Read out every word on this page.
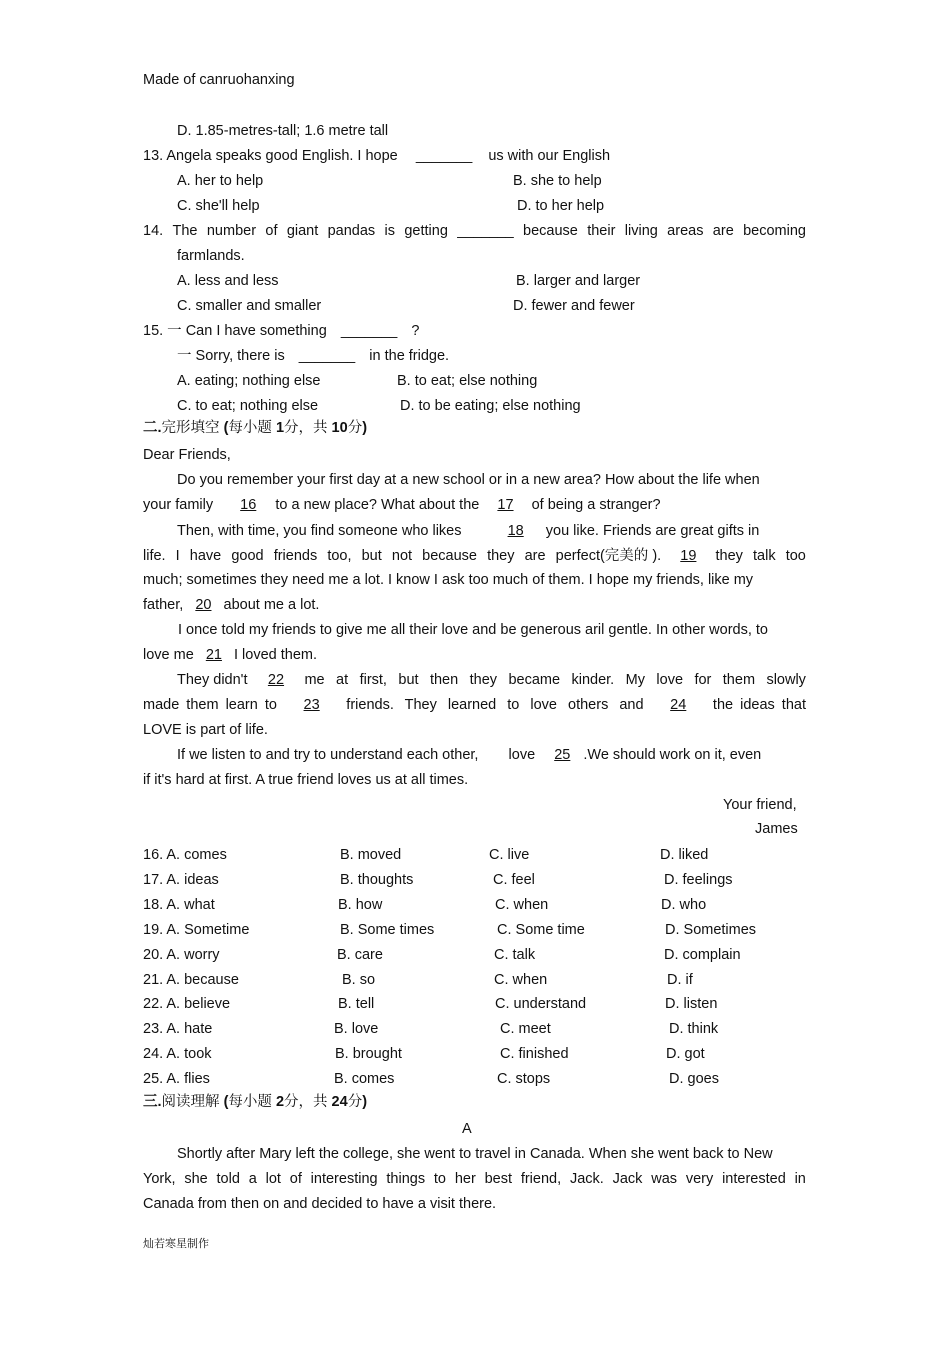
Made of canruohanxing
灿若寒星制作
D. 1.85-metres-tall; 1.6 metre tall
13. Angela speaks good English. I hope _______ us with our English
A. her to help	B. she to help
C. she'll help	D. to her help
14. The number of giant pandas is getting _______ because their living areas are becoming
farmlands.
A. less and less	B. larger and larger
C. smaller and smaller	D. fewer and fewer
15. 一 Can I have something _______ ?
一 Sorry, there is _______ in the fridge.
A. eating; nothing else	B. to eat; else nothing
C. to eat; nothing else	D. to be eating; else nothing
二.完形填空 (每小题 1分，共 10分)
Dear Friends,
Do you remember your first day at a new school or in a new area? How about the life when
your family 16 to a new place? What about the 17 of being a stranger?
Then, with time, you find someone who likes	18 you like. Friends are great gifts in
life. I have good friends too, but not because they are perfect(完美的 ).	19	they talk too
much; sometimes they need me a lot. I know I ask too much of them. I hope my friends, like my
father, 20 about me a lot.
I once told my friends to give me all their love and be generous aril gentle. In other words, to
love me 21 I loved them.
They didn't	22	me at first, but then they became kinder. My love for them slowly
made them learn to	23	friends. They learned to love others and	24	the ideas that
LOVE is part of life.
If we listen to and try to understand each other, love 25 .We should work on it, even
if it's hard at first. A true friend loves us at all times.
Your friend,
James
16. A. comes	B. moved	C. live	D. liked
17. A. ideas	B. thoughts	C. feel	D. feelings
18. A. what	B. how	C. when	D. who
19. A. Sometime	B. Some times	C. Some time	D. Sometimes
20. A. worry	B. care	C. talk	D. complain
21. A. because	B. so	C. when	D. if
22. A. believe	B. tell	C. understand	D. listen
23. A. hate	B. love	C. meet	D. think
24. A. took	B. brought	C. finished	D. got
25. A. flies	B. comes	C. stops	D. goes
三.阅读理解 (每小题 2分，共 24分)
A
Shortly after Mary left the college, she went to travel in Canada. When she went back to New
York, she told a lot of interesting things to her best friend, Jack. Jack was very interested in
Canada from then on and decided to have a visit there.
